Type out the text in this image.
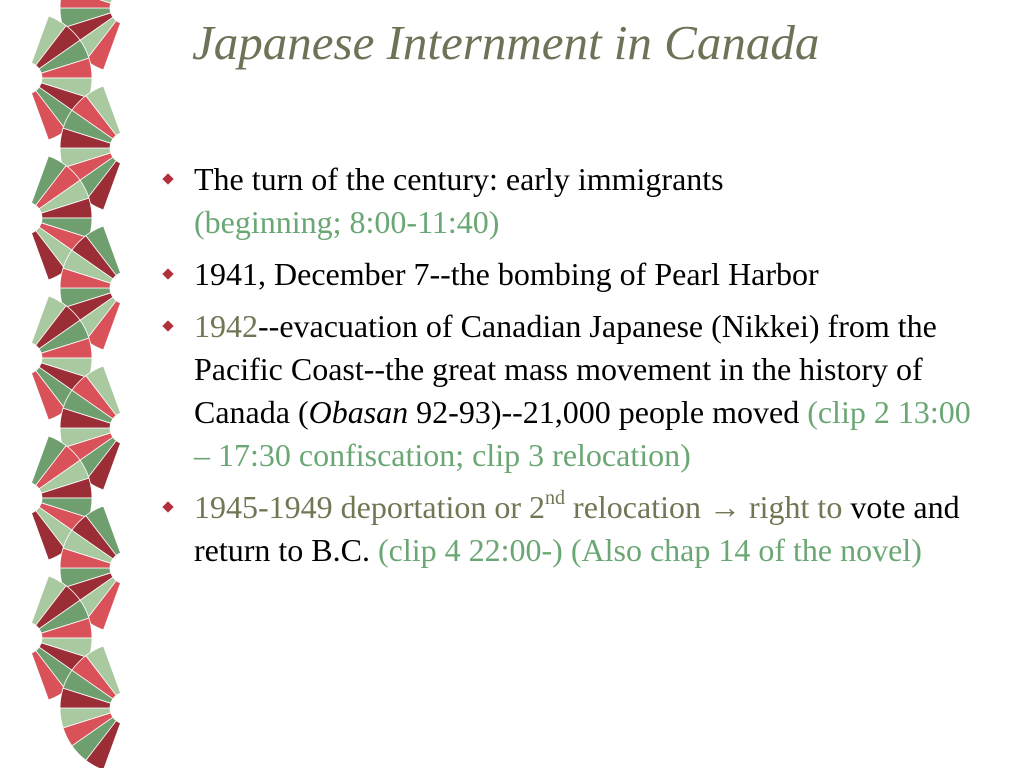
Japanese Internment in Canada
The turn of the century: early immigrants
(beginning; 8:00-11:40)
1941, December 7--the bombing of Pearl Harbor
1942--evacuation of Canadian Japanese (Nikkei) from the Pacific Coast--the great mass movement in the history of Canada (Obasan 92-93)--21,000 people moved (clip 2 13:00 – 17:30 confiscation; clip 3 relocation)
1945-1949 deportation or 2nd relocation → right to vote and return to B.C. (clip 4 22:00-) (Also chap 14 of the novel)
